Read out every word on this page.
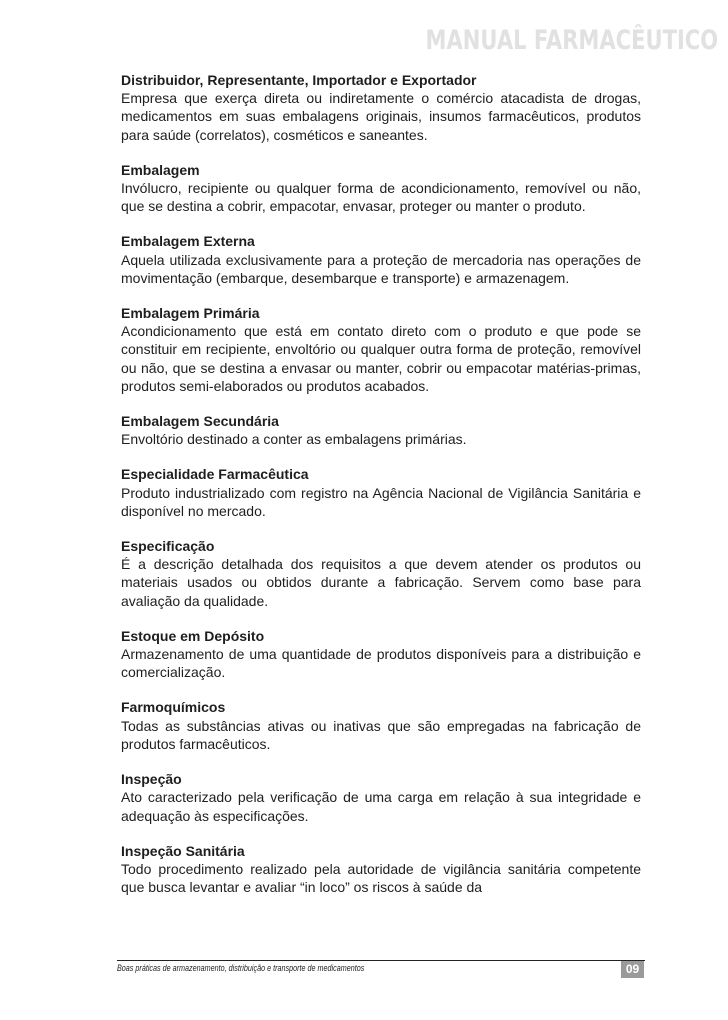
MANUAL FARMACÊUTICO

Distribuidor, Representante, Importador e Exportador

Empresa que exerça direta ou indiretamente o comércio atacadista de drogas, medicamentos em suas embalagens originais, insumos farmacêuticos, produtos para saúde (correlatos), cosméticos e saneantes.

Embalagem

Invólucro, recipiente ou qualquer forma de acondicionamento, removível ou não, que se destina a cobrir, empacotar, envasar, proteger ou manter o produto.

Embalagem Externa

Aquela utilizada exclusivamente para a proteção de mercadoria nas operações de movimentação (embarque, desembarque e transporte) e armazenagem.

Embalagem Primária

Acondicionamento que está em contato direto com o produto e que pode se constituir em recipiente, envoltório ou qualquer outra forma de proteção, removível ou não, que se destina a envasar ou manter, cobrir ou empacotar matérias-primas, produtos semi-elaborados ou produtos acabados.

Embalagem Secundária

Envoltório destinado a conter as embalagens primárias.

Especialidade Farmacêutica

Produto industrializado com registro na Agência Nacional de Vigilância Sanitária e disponível no mercado.

Especificação

É a descrição detalhada dos requisitos a que devem atender os produtos ou materiais usados ou obtidos durante a fabricação. Servem como base para avaliação da qualidade.

Estoque em Depósito

Armazenamento de uma quantidade de produtos disponíveis para a distribuição e comercialização.

Farmoquímicos

Todas as substâncias ativas ou inativas que são empregadas na fabricação de produtos farmacêuticos.

Inspeção

Ato caracterizado pela verificação de uma carga em relação à sua integridade e adequação às especificações.

Inspeção Sanitária

Todo procedimento realizado pela autoridade de vigilância sanitária competente que busca levantar e avaliar “in loco” os riscos à saúde da

Boas práticas de armazenamento, distribuição e transporte de medicamentos	09
